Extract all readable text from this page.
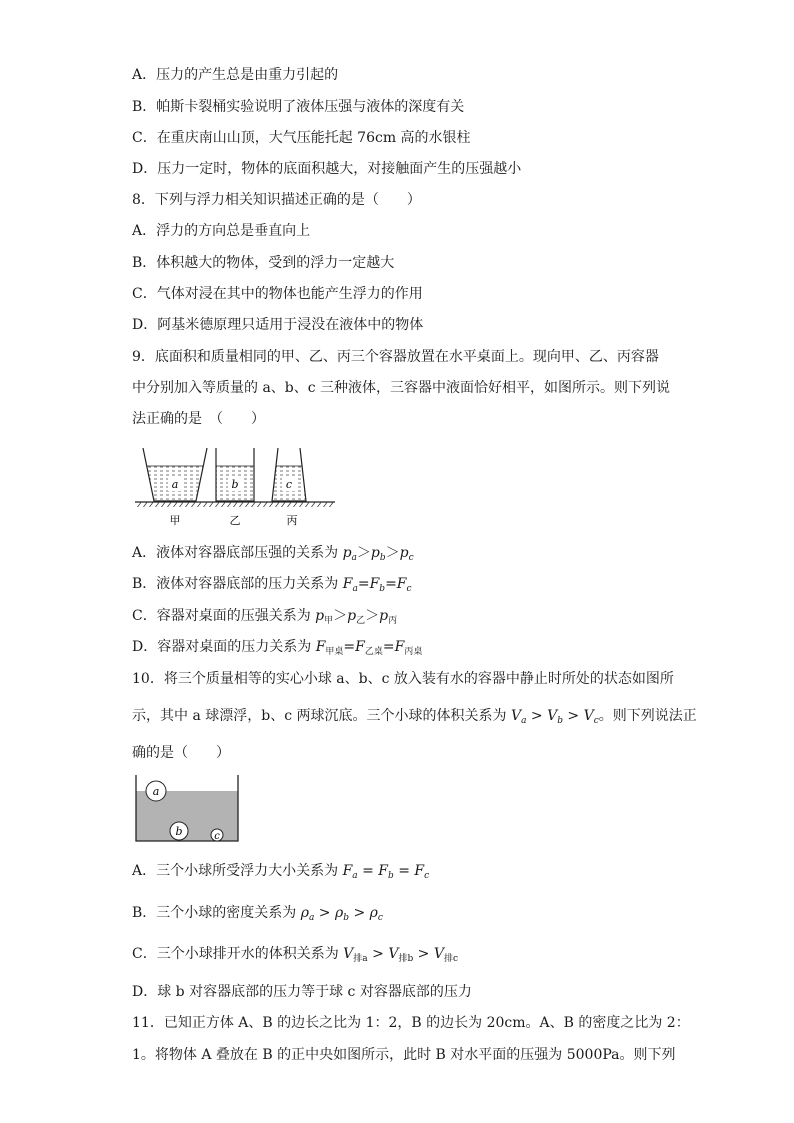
A．压力的产生总是由重力引起的
B．帕斯卡裂桶实验说明了液体压强与液体的深度有关
C．在重庆南山山顶，大气压能托起 76cm 高的水银柱
D．压力一定时，物体的底面积越大，对接触面产生的压强越小
8．下列与浮力相关知识描述正确的是（　　）
A．浮力的方向总是垂直向上
B．体积越大的物体，受到的浮力一定越大
C．气体对浸在其中的物体也能产生浮力的作用
D．阿基米德原理只适用于浸没在液体中的物体
9．底面积和质量相同的甲、乙、丙三个容器放置在水平桌面上。现向甲、乙、丙容器
中分别加入等质量的 a、b、c 三种液体，三容器中液面恰好相平，如图所示。则下列说
法正确的是　（　　）
a	b	c
甲	乙	丙
A．液体对容器底部压强的关系为 $p_a>p_b>p_c$
B．液体对容器底部的压力关系为 $F_a=F_b=F_c$
C．容器对桌面的压强关系为 $p_甲>p_乙>p_丙$
D．容器对桌面的压力关系为 $F_{甲桌}=F_{乙桌}=F_{丙桌}$
10．将三个质量相等的实心小球 a、b、c 放入装有水的容器中静止时所处的状态如图所
示，其中 a 球漂浮，b、c 两球沉底。三个小球的体积关系为 $V_a > V_b > V_c$。则下列说法正
确的是（　　）
a
b	c
A．三个小球所受浮力大小关系为 $F_a = F_b = F_c$
B．三个小球的密度关系为 $\rho_a > \rho_b > \rho_c$
C．三个小球排开水的体积关系为 $V_{排a} > V_{排b} > V_{排c}$
D．球 b 对容器底部的压力等于球 c 对容器底部的压力
11．已知正方体 A、B 的边长之比为 1：2，B 的边长为 20cm。A、B 的密度之比为 2：
1。将物体 A 叠放在 B 的正中央如图所示，此时 B 对水平面的压强为 5000Pa。则下列
